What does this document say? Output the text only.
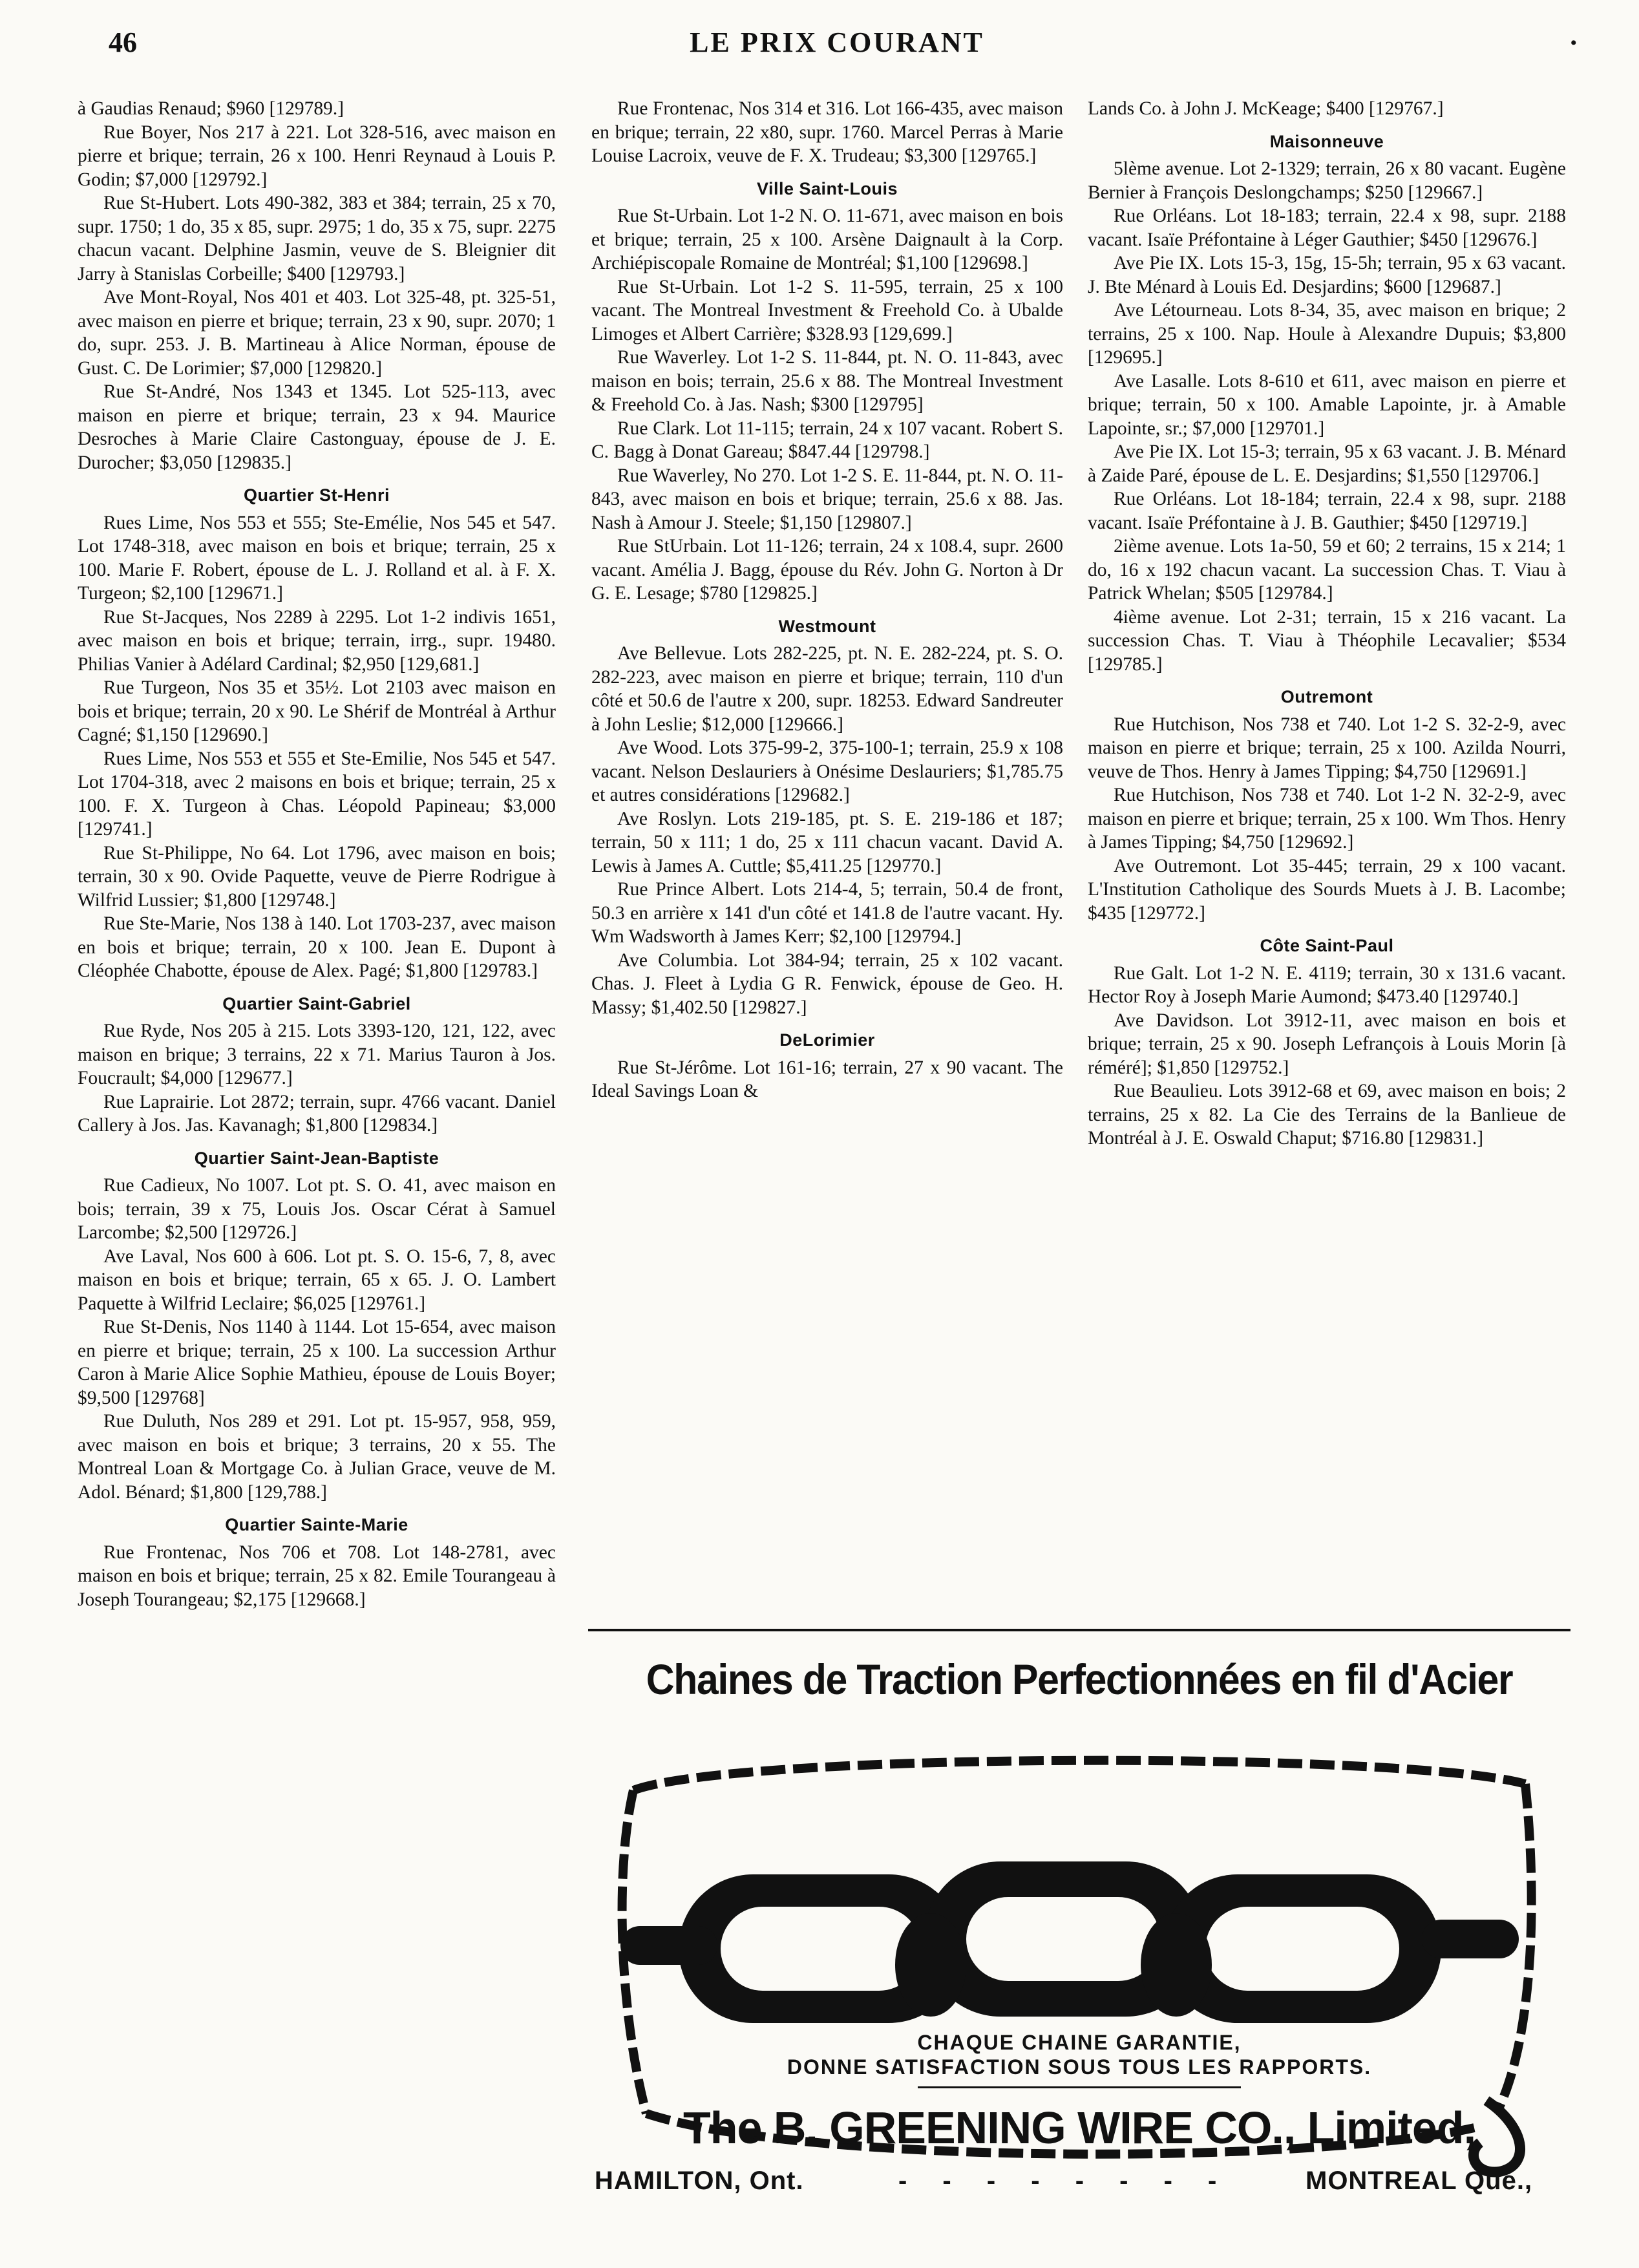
46	LE PRIX COURANT	•

à Gaudias Renaud; $960 [129789.]

Rue Boyer, Nos 217 à 221. Lot 328-516, avec maison en pierre et brique; terrain, 26 x 100. Henri Reynaud à Louis P. Godin; $7,000 [129792.]

Rue St-Hubert. Lots 490-382, 383 et 384; terrain, 25 x 70, supr. 1750; 1 do, 35 x 85, supr. 2975; 1 do, 35 x 75, supr. 2275 chacun vacant. Delphine Jasmin, veuve de S. Bleignier dit Jarry à Stanislas Corbeille; $400 [129793.]

Ave Mont-Royal, Nos 401 et 403. Lot 325-48, pt. 325-51, avec maison en pierre et brique; terrain, 23 x 90, supr. 2070; 1 do, supr. 253. J. B. Martineau à Alice Norman, épouse de Gust. C. De Lorimier; $7,000 [129820.]

Rue St-André, Nos 1343 et 1345. Lot 525-113, avec maison en pierre et brique; terrain, 23 x 94. Maurice Desroches à Marie Claire Castonguay, épouse de J. E. Durocher; $3,050 [129835.]

Quartier St-Henri

Rues Lime, Nos 553 et 555; Ste-Emélie, Nos 545 et 547. Lot 1748-318, avec maison en bois et brique; terrain, 25 x 100. Marie F. Robert, épouse de L. J. Rolland et al. à F. X. Turgeon; $2,100 [129671.]

Rue St-Jacques, Nos 2289 à 2295. Lot 1-2 indivis 1651, avec maison en bois et brique; terrain, irrg., supr. 19480. Philias Vanier à Adélard Cardinal; $2,950 [129,681.]

Rue Turgeon, Nos 35 et 35½. Lot 2103 avec maison en bois et brique; terrain, 20 x 90. Le Shérif de Montréal à Arthur Cagné; $1,150 [129690.]

Rues Lime, Nos 553 et 555 et Ste-Emilie, Nos 545 et 547. Lot 1704-318, avec 2 maisons en bois et brique; terrain, 25 x 100. F. X. Turgeon à Chas. Léopold Papineau; $3,000 [129741.]

Rue St-Philippe, No 64. Lot 1796, avec maison en bois; terrain, 30 x 90. Ovide Paquette, veuve de Pierre Rodrigue à Wilfrid Lussier; $1,800 [129748.]

Rue Ste-Marie, Nos 138 à 140. Lot 1703-237, avec maison en bois et brique; terrain, 20 x 100. Jean E. Dupont à Cléophée Chabotte, épouse de Alex. Pagé; $1,800 [129783.]

Quartier Saint-Gabriel

Rue Ryde, Nos 205 à 215. Lots 3393-120, 121, 122, avec maison en brique; 3 terrains, 22 x 71. Marius Tauron à Jos. Foucrault; $4,000 [129677.]

Rue Laprairie. Lot 2872; terrain, supr. 4766 vacant. Daniel Callery à Jos. Jas. Kavanagh; $1,800 [129834.]

Quartier Saint-Jean-Baptiste

Rue Cadieux, No 1007. Lot pt. S. O. 41, avec maison en bois; terrain, 39 x 75, Louis Jos. Oscar Cérat à Samuel Larcombe; $2,500 [129726.]

Ave Laval, Nos 600 à 606. Lot pt. S. O. 15-6, 7, 8, avec maison en bois et brique; terrain, 65 x 65. J. O. Lambert Paquette à Wilfrid Leclaire; $6,025 [129761.]

Rue St-Denis, Nos 1140 à 1144. Lot 15-654, avec maison en pierre et brique; terrain, 25 x 100. La succession Arthur Caron à Marie Alice Sophie Mathieu, épouse de Louis Boyer; $9,500 [129768]

Rue Duluth, Nos 289 et 291. Lot pt. 15-957, 958, 959, avec maison en bois et brique; 3 terrains, 20 x 55. The Montreal Loan & Mortgage Co. à Julian Grace, veuve de M. Adol. Bénard; $1,800 [129,788.]

Quartier Sainte-Marie

Rue Frontenac, Nos 706 et 708. Lot 148-2781, avec maison en bois et brique; terrain, 25 x 82. Emile Tourangeau à Joseph Tourangeau; $2,175 [129668.]

Rue Frontenac, Nos 314 et 316. Lot 166-435, avec maison en brique; terrain, 22 x80, supr. 1760. Marcel Perras à Marie Louise Lacroix, veuve de F. X. Trudeau; $3,300 [129765.]

Ville Saint-Louis

Rue St-Urbain. Lot 1-2 N. O. 11-671, avec maison en bois et brique; terrain, 25 x 100. Arsène Daignault à la Corp. Archiépiscopale Romaine de Montréal; $1,100 [129698.]

Rue St-Urbain. Lot 1-2 S. 11-595, terrain, 25 x 100 vacant. The Montreal Investment & Freehold Co. à Ubalde Limoges et Albert Carrière; $328.93 [129,699.]

Rue Waverley. Lot 1-2 S. 11-844, pt. N. O. 11-843, avec maison en bois; terrain, 25.6 x 88. The Montreal Investment & Freehold Co. à Jas. Nash; $300 [129795]

Rue Clark. Lot 11-115; terrain, 24 x 107 vacant. Robert S. C. Bagg à Donat Gareau; $847.44 [129798.]

Rue Waverley, No 270. Lot 1-2 S. E. 11-844, pt. N. O. 11-843, avec maison en bois et brique; terrain, 25.6 x 88. Jas. Nash à Amour J. Steele; $1,150 [129807.]

Rue StUrbain. Lot 11-126; terrain, 24 x 108.4, supr. 2600 vacant. Amélia J. Bagg, épouse du Rév. John G. Norton à Dr G. E. Lesage; $780 [129825.]

Westmount

Ave Bellevue. Lots 282-225, pt. N. E. 282-224, pt. S. O. 282-223, avec maison en pierre et brique; terrain, 110 d'un côté et 50.6 de l'autre x 200, supr. 18253. Edward Sandreuter à John Leslie; $12,000 [129666.]

Ave Wood. Lots 375-99-2, 375-100-1; terrain, 25.9 x 108 vacant. Nelson Deslauriers à Onésime Deslauriers; $1,785.75 et autres considérations [129682.]

Ave Roslyn. Lots 219-185, pt. S. E. 219-186 et 187; terrain, 50 x 111; 1 do, 25 x 111 chacun vacant. David A. Lewis à James A. Cuttle; $5,411.25 [129770.]

Rue Prince Albert. Lots 214-4, 5; terrain, 50.4 de front, 50.3 en arrière x 141 d'un côté et 141.8 de l'autre vacant. Hy. Wm Wadsworth à James Kerr; $2,100 [129794.]

Ave Columbia. Lot 384-94; terrain, 25 x 102 vacant. Chas. J. Fleet à Lydia G R. Fenwick, épouse de Geo. H. Massy; $1,402.50 [129827.]

DeLorimier

Rue St-Jérôme. Lot 161-16; terrain, 27 x 90 vacant. The Ideal Savings Loan &

Lands Co. à John J. McKeage; $400 [129767.]

Maisonneuve

5lème avenue. Lot 2-1329; terrain, 26 x 80 vacant. Eugène Bernier à François Deslongchamps; $250 [129667.]

Rue Orléans. Lot 18-183; terrain, 22.4 x 98, supr. 2188 vacant. Isaïe Préfontaine à Léger Gauthier; $450 [129676.]

Ave Pie IX. Lots 15-3, 15g, 15-5h; terrain, 95 x 63 vacant. J. Bte Ménard à Louis Ed. Desjardins; $600 [129687.]

Ave Létourneau. Lots 8-34, 35, avec maison en brique; 2 terrains, 25 x 100. Nap. Houle à Alexandre Dupuis; $3,800 [129695.]

Ave Lasalle. Lots 8-610 et 611, avec maison en pierre et brique; terrain, 50 x 100. Amable Lapointe, jr. à Amable Lapointe, sr.; $7,000 [129701.]

Ave Pie IX. Lot 15-3; terrain, 95 x 63 vacant. J. B. Ménard à Zaide Paré, épouse de L. E. Desjardins; $1,550 [129706.]

Rue Orléans. Lot 18-184; terrain, 22.4 x 98, supr. 2188 vacant. Isaïe Préfontaine à J. B. Gauthier; $450 [129719.]

2ième avenue. Lots 1a-50, 59 et 60; 2 terrains, 15 x 214; 1 do, 16 x 192 chacun vacant. La succession Chas. T. Viau à Patrick Whelan; $505 [129784.]

4ième avenue. Lot 2-31; terrain, 15 x 216 vacant. La succession Chas. T. Viau à Théophile Lecavalier; $534 [129785.]

Outremont

Rue Hutchison, Nos 738 et 740. Lot 1-2 S. 32-2-9, avec maison en pierre et brique; terrain, 25 x 100. Azilda Nourri, veuve de Thos. Henry à James Tipping; $4,750 [129691.]

Rue Hutchison, Nos 738 et 740. Lot 1-2 N. 32-2-9, avec maison en pierre et brique; terrain, 25 x 100. Wm Thos. Henry à James Tipping; $4,750 [129692.]

Ave Outremont. Lot 35-445; terrain, 29 x 100 vacant. L'Institution Catholique des Sourds Muets à J. B. Lacombe; $435 [129772.]

Côte Saint-Paul

Rue Galt. Lot 1-2 N. E. 4119; terrain, 30 x 131.6 vacant. Hector Roy à Joseph Marie Aumond; $473.40 [129740.]

Ave Davidson. Lot 3912-11, avec maison en bois et brique; terrain, 25 x 90. Joseph Lefrançois à Louis Morin [à réméré]; $1,850 [129752.]

Rue Beaulieu. Lots 3912-68 et 69, avec maison en bois; 2 terrains, 25 x 82. La Cie des Terrains de la Banlieue de Montréal à J. E. Oswald Chaput; $716.80 [129831.]

Chaines de Traction Perfectionnées en fil d'Acier
CHAQUE CHAINE GARANTIE,
DONNE SATISFACTION SOUS TOUS LES RAPPORTS.
The B. GREENING WIRE CO., Limited,
HAMILTON, Ont.	- - - - - - - -	MONTREAL Qué.,
